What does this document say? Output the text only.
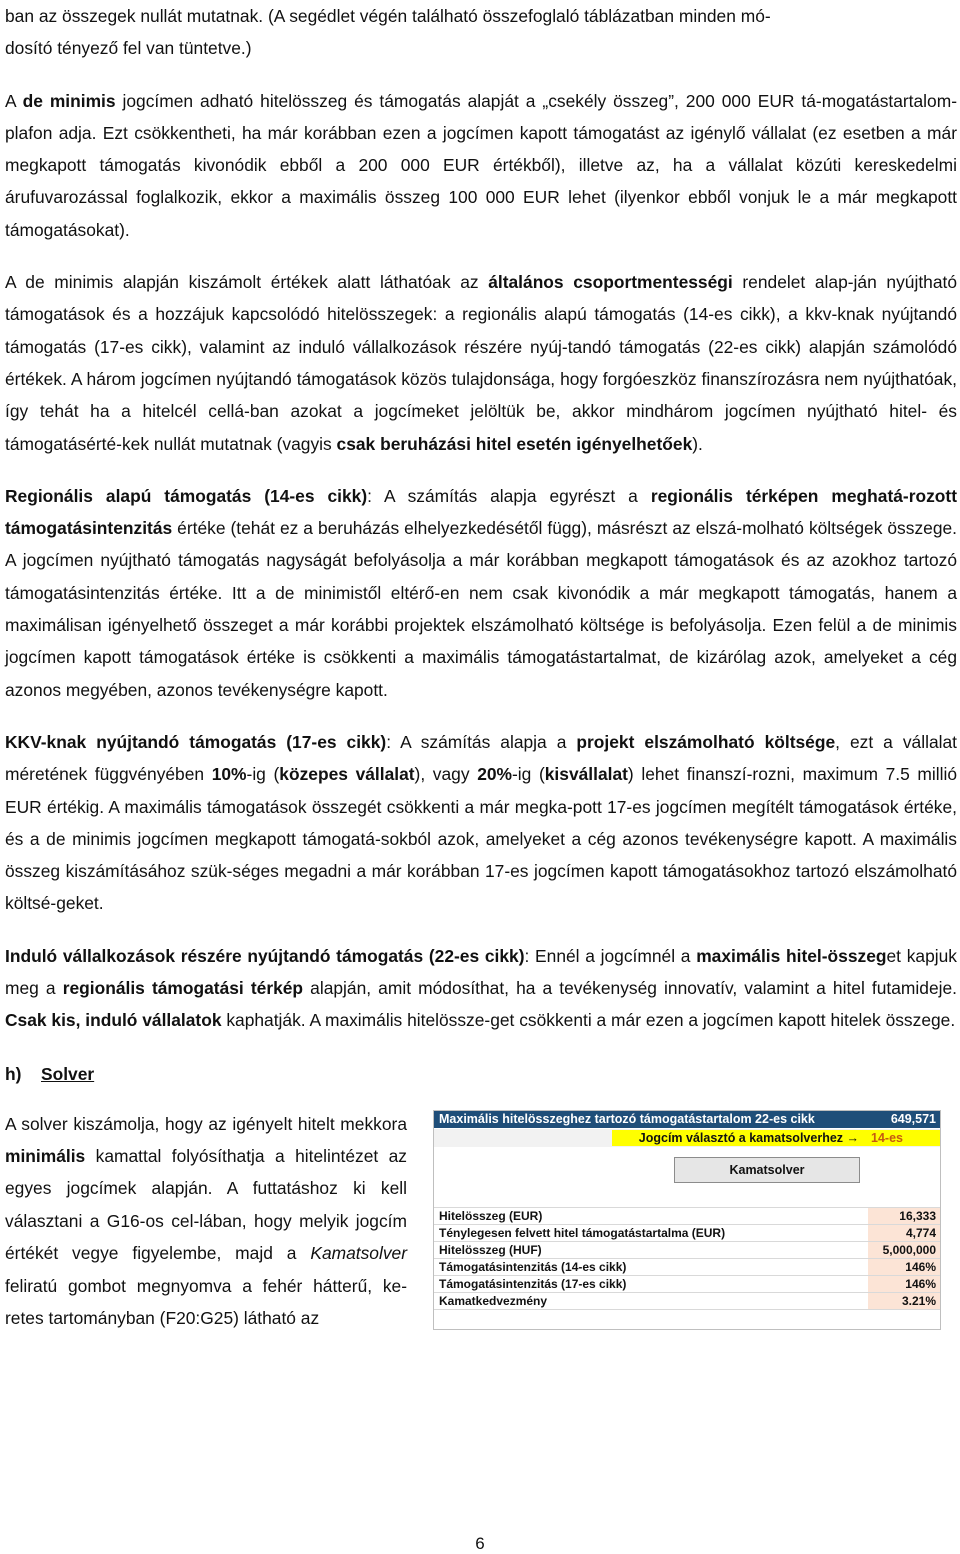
ban az összegek nullát mutatnak. (A segédlet végén található összefoglaló táblázatban minden mó-
dosító tényező fel van tüntetve.)

A de minimis jogcímen adható hitelösszeg és támogatás alapját a „csekély összeg”, 200 000 EUR tá-mogatástartalom-plafon adja. Ezt csökkentheti, ha már korábban ezen a jogcímen kapott támogatást az igénylő vállalat (ez esetben a már megkapott támogatás kivonódik ebből a 200 000 EUR értékből), illetve az, ha a vállalat közúti kereskedelmi árufuvarozással foglalkozik, ekkor a maximális összeg 100 000 EUR lehet (ilyenkor ebből vonjuk le a már megkapott támogatásokat).

A de minimis alapján kiszámolt értékek alatt láthatóak az általános csoportmentességi rendelet alap-ján nyújtható támogatások és a hozzájuk kapcsolódó hitelösszegek: a regionális alapú támogatás (14-es cikk), a kkv-knak nyújtandó támogatás (17-es cikk), valamint az induló vállalkozások részére nyúj-tandó támogatás (22-es cikk) alapján számolódó értékek. A három jogcímen nyújtandó támogatások közös tulajdonsága, hogy forgóeszköz finanszírozásra nem nyújthatóak, így tehát ha a hitelcél cellá-ban azokat a jogcímeket jelöltük be, akkor mindhárom jogcímen nyújtható hitel- és támogatásérté-kek nullát mutatnak (vagyis csak beruházási hitel esetén igényelhetőek).

Regionális alapú támogatás (14-es cikk): A számítás alapja egyrészt a regionális térképen meghatá-rozott támogatásintenzitás értéke (tehát ez a beruházás elhelyezkedésétől függ), másrészt az elszá-molható költségek összege. A jogcímen nyújtható támogatás nagyságát befolyásolja a már korábban megkapott támogatások és az azokhoz tartozó támogatásintenzitás értéke. Itt a de minimistől eltérő-en nem csak kivonódik a már megkapott támogatás, hanem a maximálisan igényelhető összeget a már korábbi projektek elszámolható költsége is befolyásolja. Ezen felül a de minimis jogcímen kapott támogatások értéke is csökkenti a maximális támogatástartalmat, de kizárólag azok, amelyeket a cég azonos megyében, azonos tevékenységre kapott.

KKV-knak nyújtandó támogatás (17-es cikk): A számítás alapja a projekt elszámolható költsége, ezt a vállalat méretének függvényében 10%-ig (közepes vállalat), vagy 20%-ig (kisvállalat) lehet finanszí-rozni, maximum 7.5 millió EUR értékig. A maximális támogatások összegét csökkenti a már megka-pott 17-es jogcímen megítélt támogatások értéke, és a de minimis jogcímen megkapott támogatá-sokból azok, amelyeket a cég azonos tevékenységre kapott. A maximális összeg kiszámításához szük-séges megadni a már korábban 17-es jogcímen kapott támogatásokhoz tartozó elszámolható költsé-geket.

Induló vállalkozások részére nyújtandó támogatás (22-es cikk): Ennél a jogcímnél a maximális hitel-összeget kapjuk meg a regionális támogatási térkép alapján, amit módosíthat, ha a tevékenység innovatív, valamint a hitel futamideje. Csak kis, induló vállalatok kaphatják. A maximális hitelössze-get csökkenti a már ezen a jogcímen kapott hitelek összege.

h) Solver

A solver kiszámolja, hogy az igényelt hitelt mekkora minimális kamattal folyósíthatja a hitelintézet az egyes jogcímek alapján. A futtatáshoz ki kell választani a G16-os cel-lában, hogy melyik jogcím értékét vegye figyelembe, majd a Kamatsolver feliratú gombot megnyomva a fehér hátterű, ke-retes tartományban (F20:G25) látható az

Maximális hitelösszeghez tartozó támogatástartalom 22-es cikk	649,571
Jogcím választó a kamatsolverhez → 14-es
Kamatsolver
Hitelösszeg (EUR)	16,333
Ténylegesen felvett hitel támogatástartalma (EUR)	4,774
Hitelösszeg (HUF)	5,000,000
Támogatásintenzitás (14-es cikk)	146%
Támogatásintenzitás (17-es cikk)	146%
Kamatkedvezmény	3.21%
6
